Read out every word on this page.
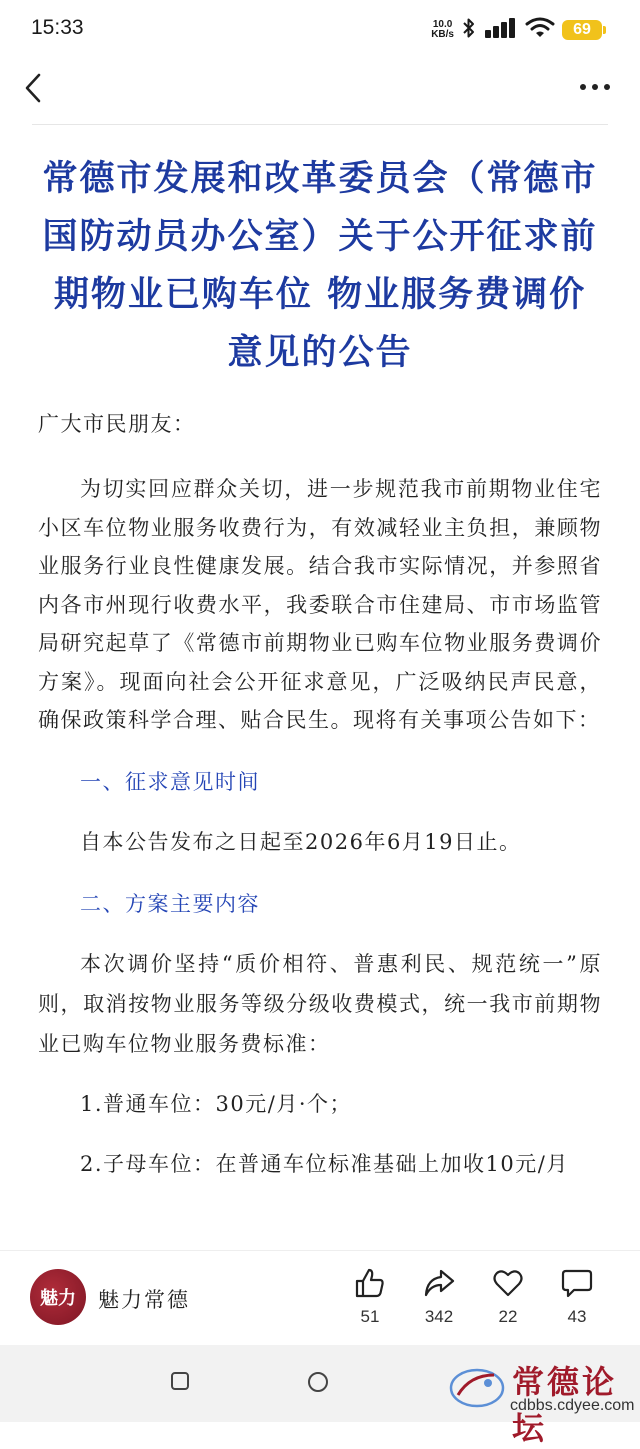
15:33	10.0
KB/s	69
常德市发展和改革委员会（常德市国防动员办公室）关于公开征求前期物业已购车位 物业服务费调价意见的公告

广大市民朋友：

为切实回应群众关切，进一步规范我市前期物业住宅小区车位物业服务收费行为，有效减轻业主负担，兼顾物业服务行业良性健康发展。结合我市实际情况，并参照省内各市州现行收费水平，我委联合市住建局、市市场监管局研究起草了《常德市前期物业已购车位物业服务费调价方案》。现面向社会公开征求意见，广泛吸纳民声民意，确保政策科学合理、贴合民生。现将有关事项公告如下：

一、征求意见时间

自本公告发布之日起至2026年6月19日止。

二、方案主要内容

本次调价坚持“质价相符、普惠利民、规范统一”原则，取消按物业服务等级分级收费模式，统一我市前期物业已购车位物业服务费标准：

1.普通车位：30元/月·个；

2.子母车位：在普通车位标准基础上加收10元/月

魅力 魅力常德
51	342	22	43
常德论坛
cdbbs.cdyee.com
